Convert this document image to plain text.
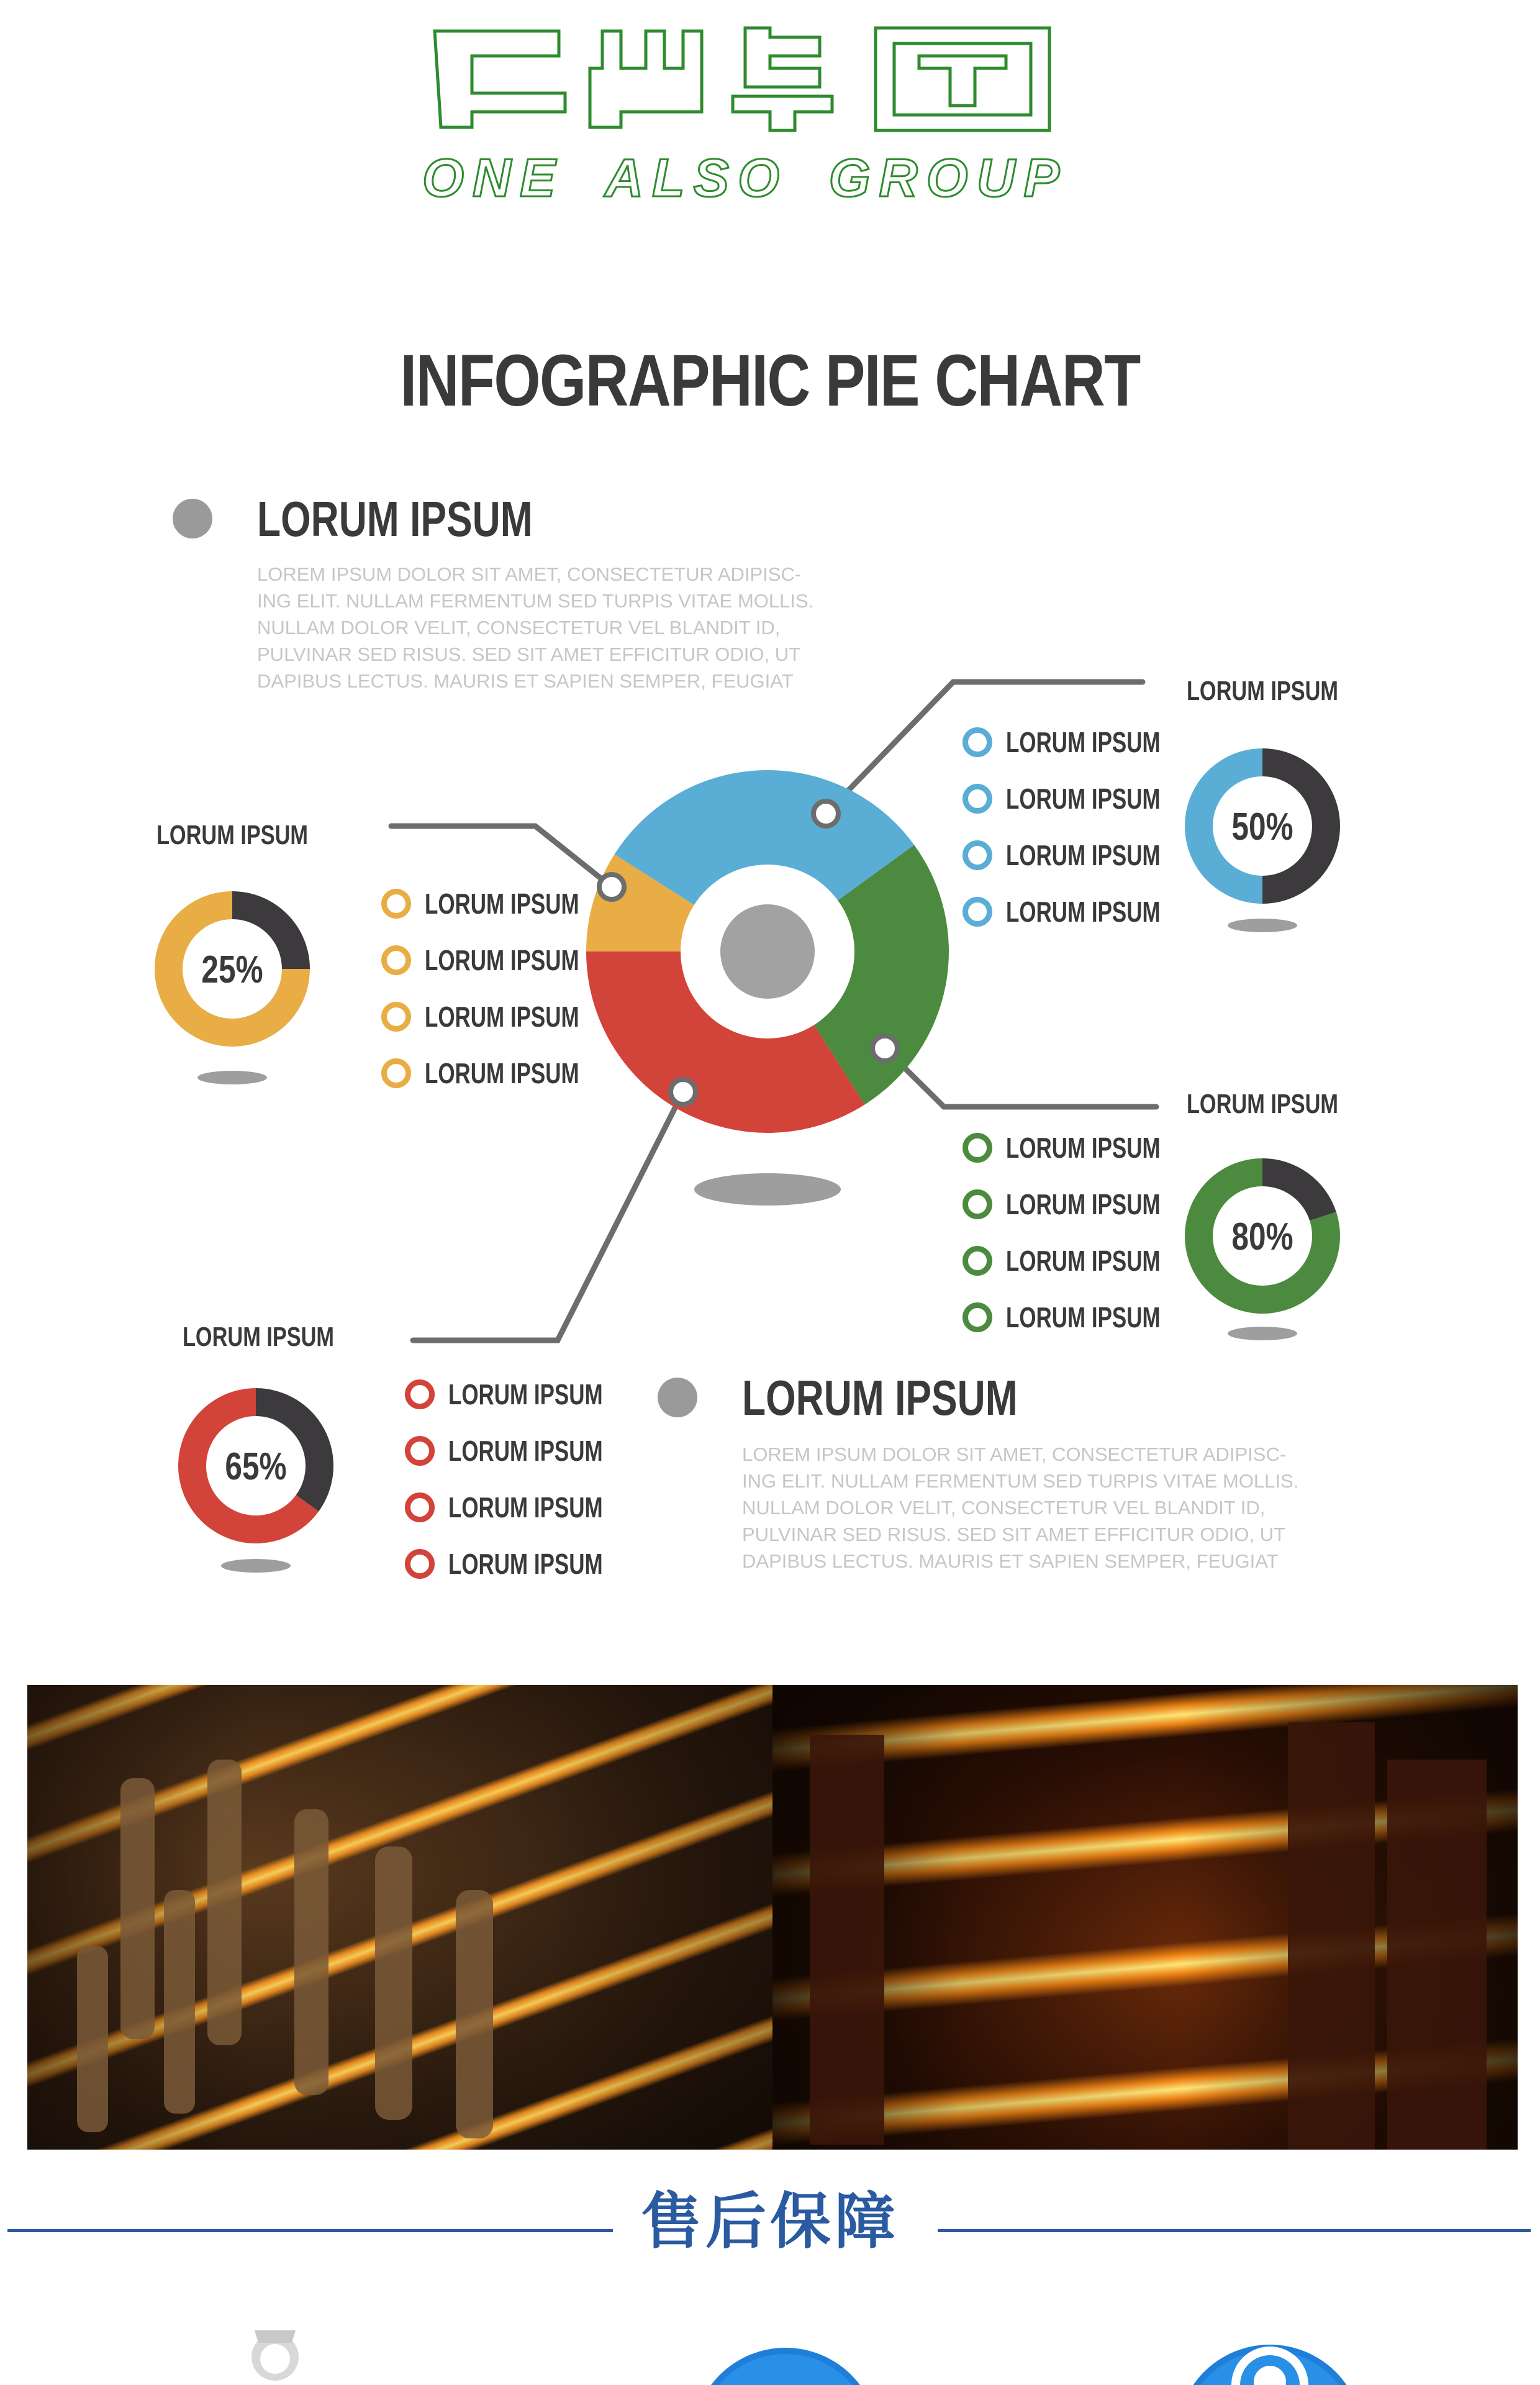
ONE ALSO GROUP
INFOGRAPHIC PIE CHART
LORUM IPSUM
LOREM IPSUM DOLOR SIT AMET, CONSECTETUR ADIPISC-
ING ELIT. NULLAM FERMENTUM SED TURPIS VITAE MOLLIS.
NULLAM DOLOR VELIT, CONSECTETUR VEL BLANDIT ID,
PULVINAR SED RISUS. SED SIT AMET EFFICITUR ODIO, UT
DAPIBUS LECTUS. MAURIS ET SAPIEN SEMPER, FEUGIAT
LORUM IPSUM
LOREM IPSUM DOLOR SIT AMET, CONSECTETUR ADIPISC-
ING ELIT. NULLAM FERMENTUM SED TURPIS VITAE MOLLIS.
NULLAM DOLOR VELIT, CONSECTETUR VEL BLANDIT ID,
PULVINAR SED RISUS. SED SIT AMET EFFICITUR ODIO, UT
DAPIBUS LECTUS. MAURIS ET SAPIEN SEMPER, FEUGIAT
25%
50%
80%
65%
LORUM IPSUM
LORUM IPSUM
LORUM IPSUM
LORUM IPSUM
LORUM IPSUM
LORUM IPSUM
LORUM IPSUM
LORUM IPSUM
LORUM IPSUM
LORUM IPSUM
LORUM IPSUM
LORUM IPSUM
LORUM IPSUM
LORUM IPSUM
LORUM IPSUM
LORUM IPSUM
LORUM IPSUM
LORUM IPSUM
LORUM IPSUM
LORUM IPSUM
售后保障
